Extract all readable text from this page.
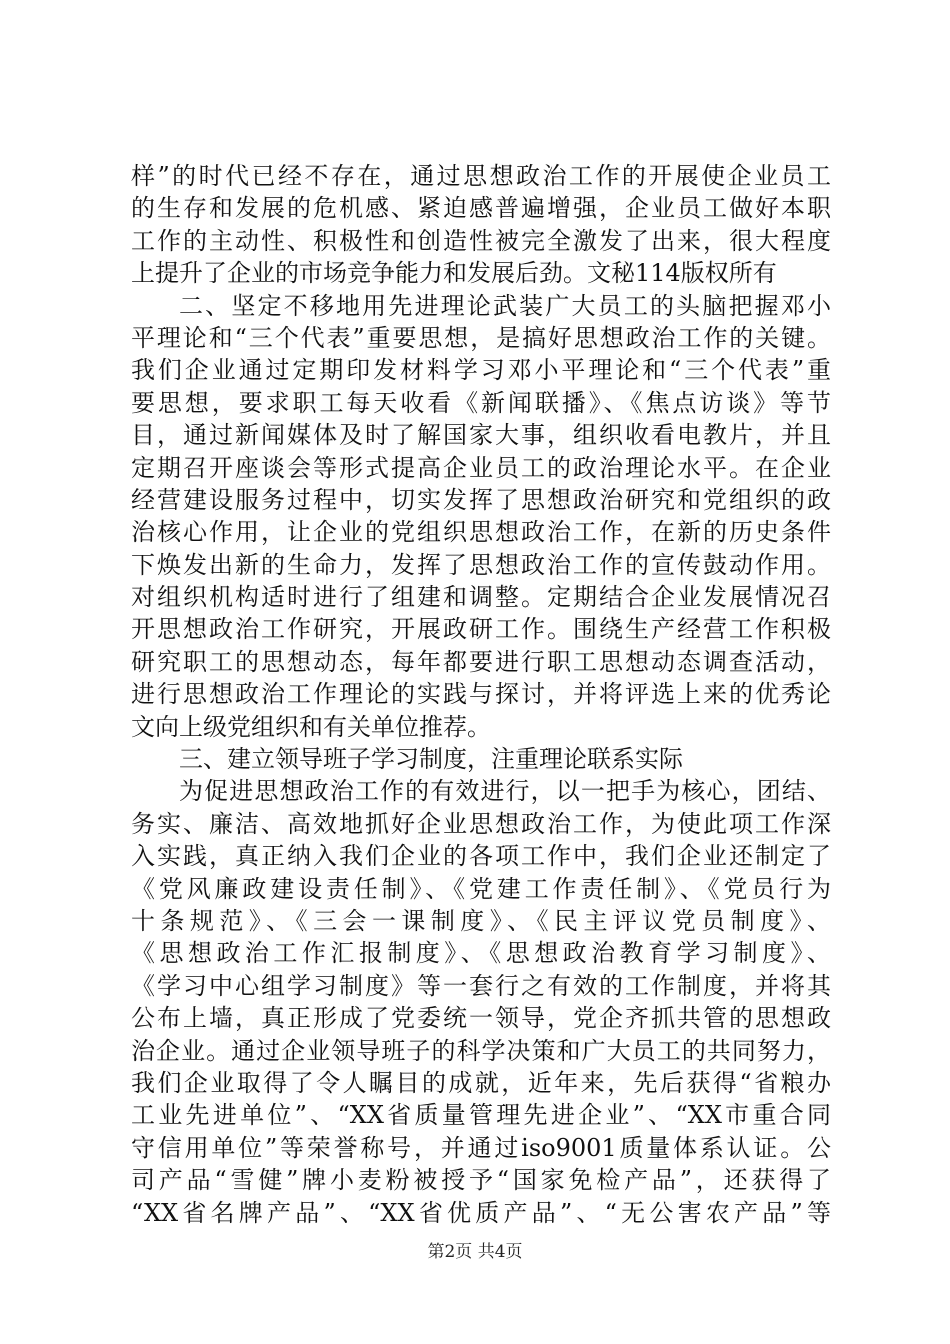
样”的时代已经不存在，通过思想政治工作的开展使企业员工
的生存和发展的危机感、紧迫感普遍增强，企业员工做好本职
工作的主动性、积极性和创造性被完全激发了出来，很大程度
上提升了企业的市场竞争能力和发展后劲。文秘114版权所有
二、坚定不移地用先进理论武装广大员工的头脑把握邓小
平理论和“三个代表”重要思想，是搞好思想政治工作的关键。
我们企业通过定期印发材料学习邓小平理论和“三个代表”重
要思想，要求职工每天收看《新闻联播》、《焦点访谈》等节
目，通过新闻媒体及时了解国家大事，组织收看电教片，并且
定期召开座谈会等形式提高企业员工的政治理论水平。在企业
经营建设服务过程中，切实发挥了思想政治研究和党组织的政
治核心作用，让企业的党组织思想政治工作，在新的历史条件
下焕发出新的生命力，发挥了思想政治工作的宣传鼓动作用。
对组织机构适时进行了组建和调整。定期结合企业发展情况召
开思想政治工作研究，开展政研工作。围绕生产经营工作积极
研究职工的思想动态，每年都要进行职工思想动态调查活动，
进行思想政治工作理论的实践与探讨，并将评选上来的优秀论
文向上级党组织和有关单位推荐。
三、建立领导班子学习制度，注重理论联系实际
为促进思想政治工作的有效进行，以一把手为核心，团结、
务实、廉洁、高效地抓好企业思想政治工作，为使此项工作深
入实践，真正纳入我们企业的各项工作中，我们企业还制定了
《党风廉政建设责任制》、《党建工作责任制》、《党员行为
十条规范》、《三会一课制度》、《民主评议党员制度》、
《思想政治工作汇报制度》、《思想政治教育学习制度》、
《学习中心组学习制度》等一套行之有效的工作制度，并将其
公布上墙，真正形成了党委统一领导，党企齐抓共管的思想政
治企业。通过企业领导班子的科学决策和广大员工的共同努力，
我们企业取得了令人瞩目的成就，近年来，先后获得“省粮办
工业先进单位”、“XX省质量管理先进企业”、“XX市重合同
守信用单位”等荣誉称号，并通过iso9001质量体系认证。公
司产品“雪健”牌小麦粉被授予“国家免检产品”，还获得了
“XX省名牌产品”、“XX省优质产品”、“无公害农产品”等
第2页 共4页
